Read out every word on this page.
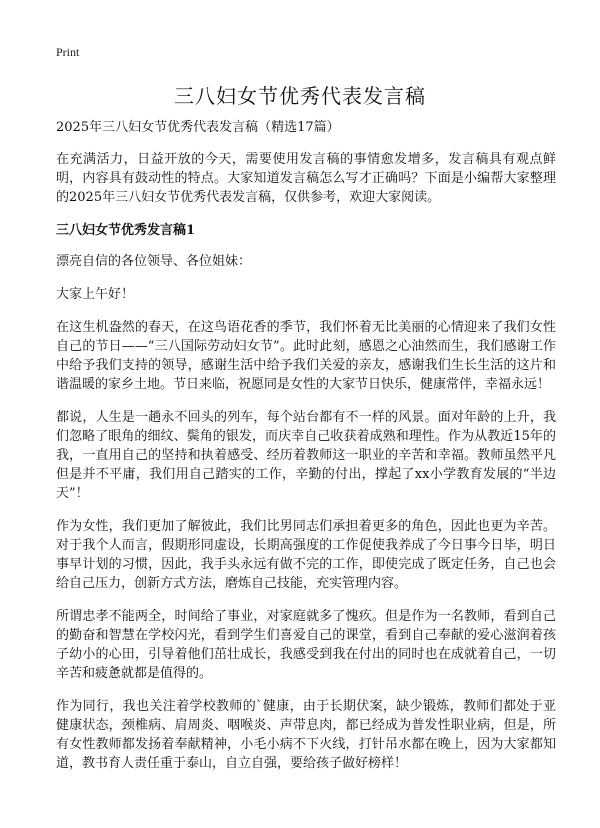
Print
三八妇女节优秀代表发言稿
2025年三八妇女节优秀代表发言稿（精选17篇）

在充满活力，日益开放的今天，需要使用发言稿的事情愈发增多，发言稿具有观点鲜明，内容具有鼓动性的特点。大家知道发言稿怎么写才正确吗？下面是小编帮大家整理的2025年三八妇女节优秀代表发言稿，仅供参考，欢迎大家阅读。

三八妇女节优秀发言稿1

漂亮自信的各位领导、各位姐妹：

大家上午好！

在这生机盎然的春天，在这鸟语花香的季节，我们怀着无比美丽的心情迎来了我们女性自己的节日——“三八国际劳动妇女节”。此时此刻，感恩之心油然而生，我们感谢工作中给予我们支持的领导，感谢生活中给予我们关爱的亲友，感谢我们生长生活的这片和谐温暖的家乡土地。节日来临，祝愿同是女性的大家节日快乐，健康常伴，幸福永远！

都说，人生是一趟永不回头的列车，每个站台都有不一样的风景。面对年龄的上升，我们忽略了眼角的细纹、鬓角的银发，而庆幸自己收获着成熟和理性。作为从教近15年的我，一直用自己的坚持和执着感受、经历着教师这一职业的辛苦和幸福。教师虽然平凡但是并不平庸，我们用自己踏实的工作，辛勤的付出，撑起了xx小学教育发展的“半边天”！

作为女性，我们更加了解彼此，我们比男同志们承担着更多的角色，因此也更为辛苦。对于我个人而言，假期形同虚设，长期高强度的工作促使我养成了今日事今日毕，明日事早计划的习惯，因此，我手头永远有做不完的工作，即使完成了既定任务，自己也会给自己压力，创新方式方法，磨炼自己技能，充实管理内容。

所谓忠孝不能两全，时间给了事业，对家庭就多了愧疚。但是作为一名教师，看到自己的勤奋和智慧在学校闪光，看到学生们喜爱自己的课堂，看到自己奉献的爱心滋润着孩子幼小的心田，引导着他们茁壮成长，我感受到我在付出的同时也在成就着自己，一切辛苦和疲惫就都是值得的。

作为同行，我也关注着学校教师的`健康，由于长期伏案，缺少锻炼，教师们都处于亚健康状态，颈椎病、肩周炎、咽喉炎、声带息肉，都已经成为普发性职业病，但是，所有女性教师都发扬着奉献精神，小毛小病不下火线，打针吊水都在晚上，因为大家都知道，教书育人责任重于泰山，自立自强，要给孩子做好榜样！
